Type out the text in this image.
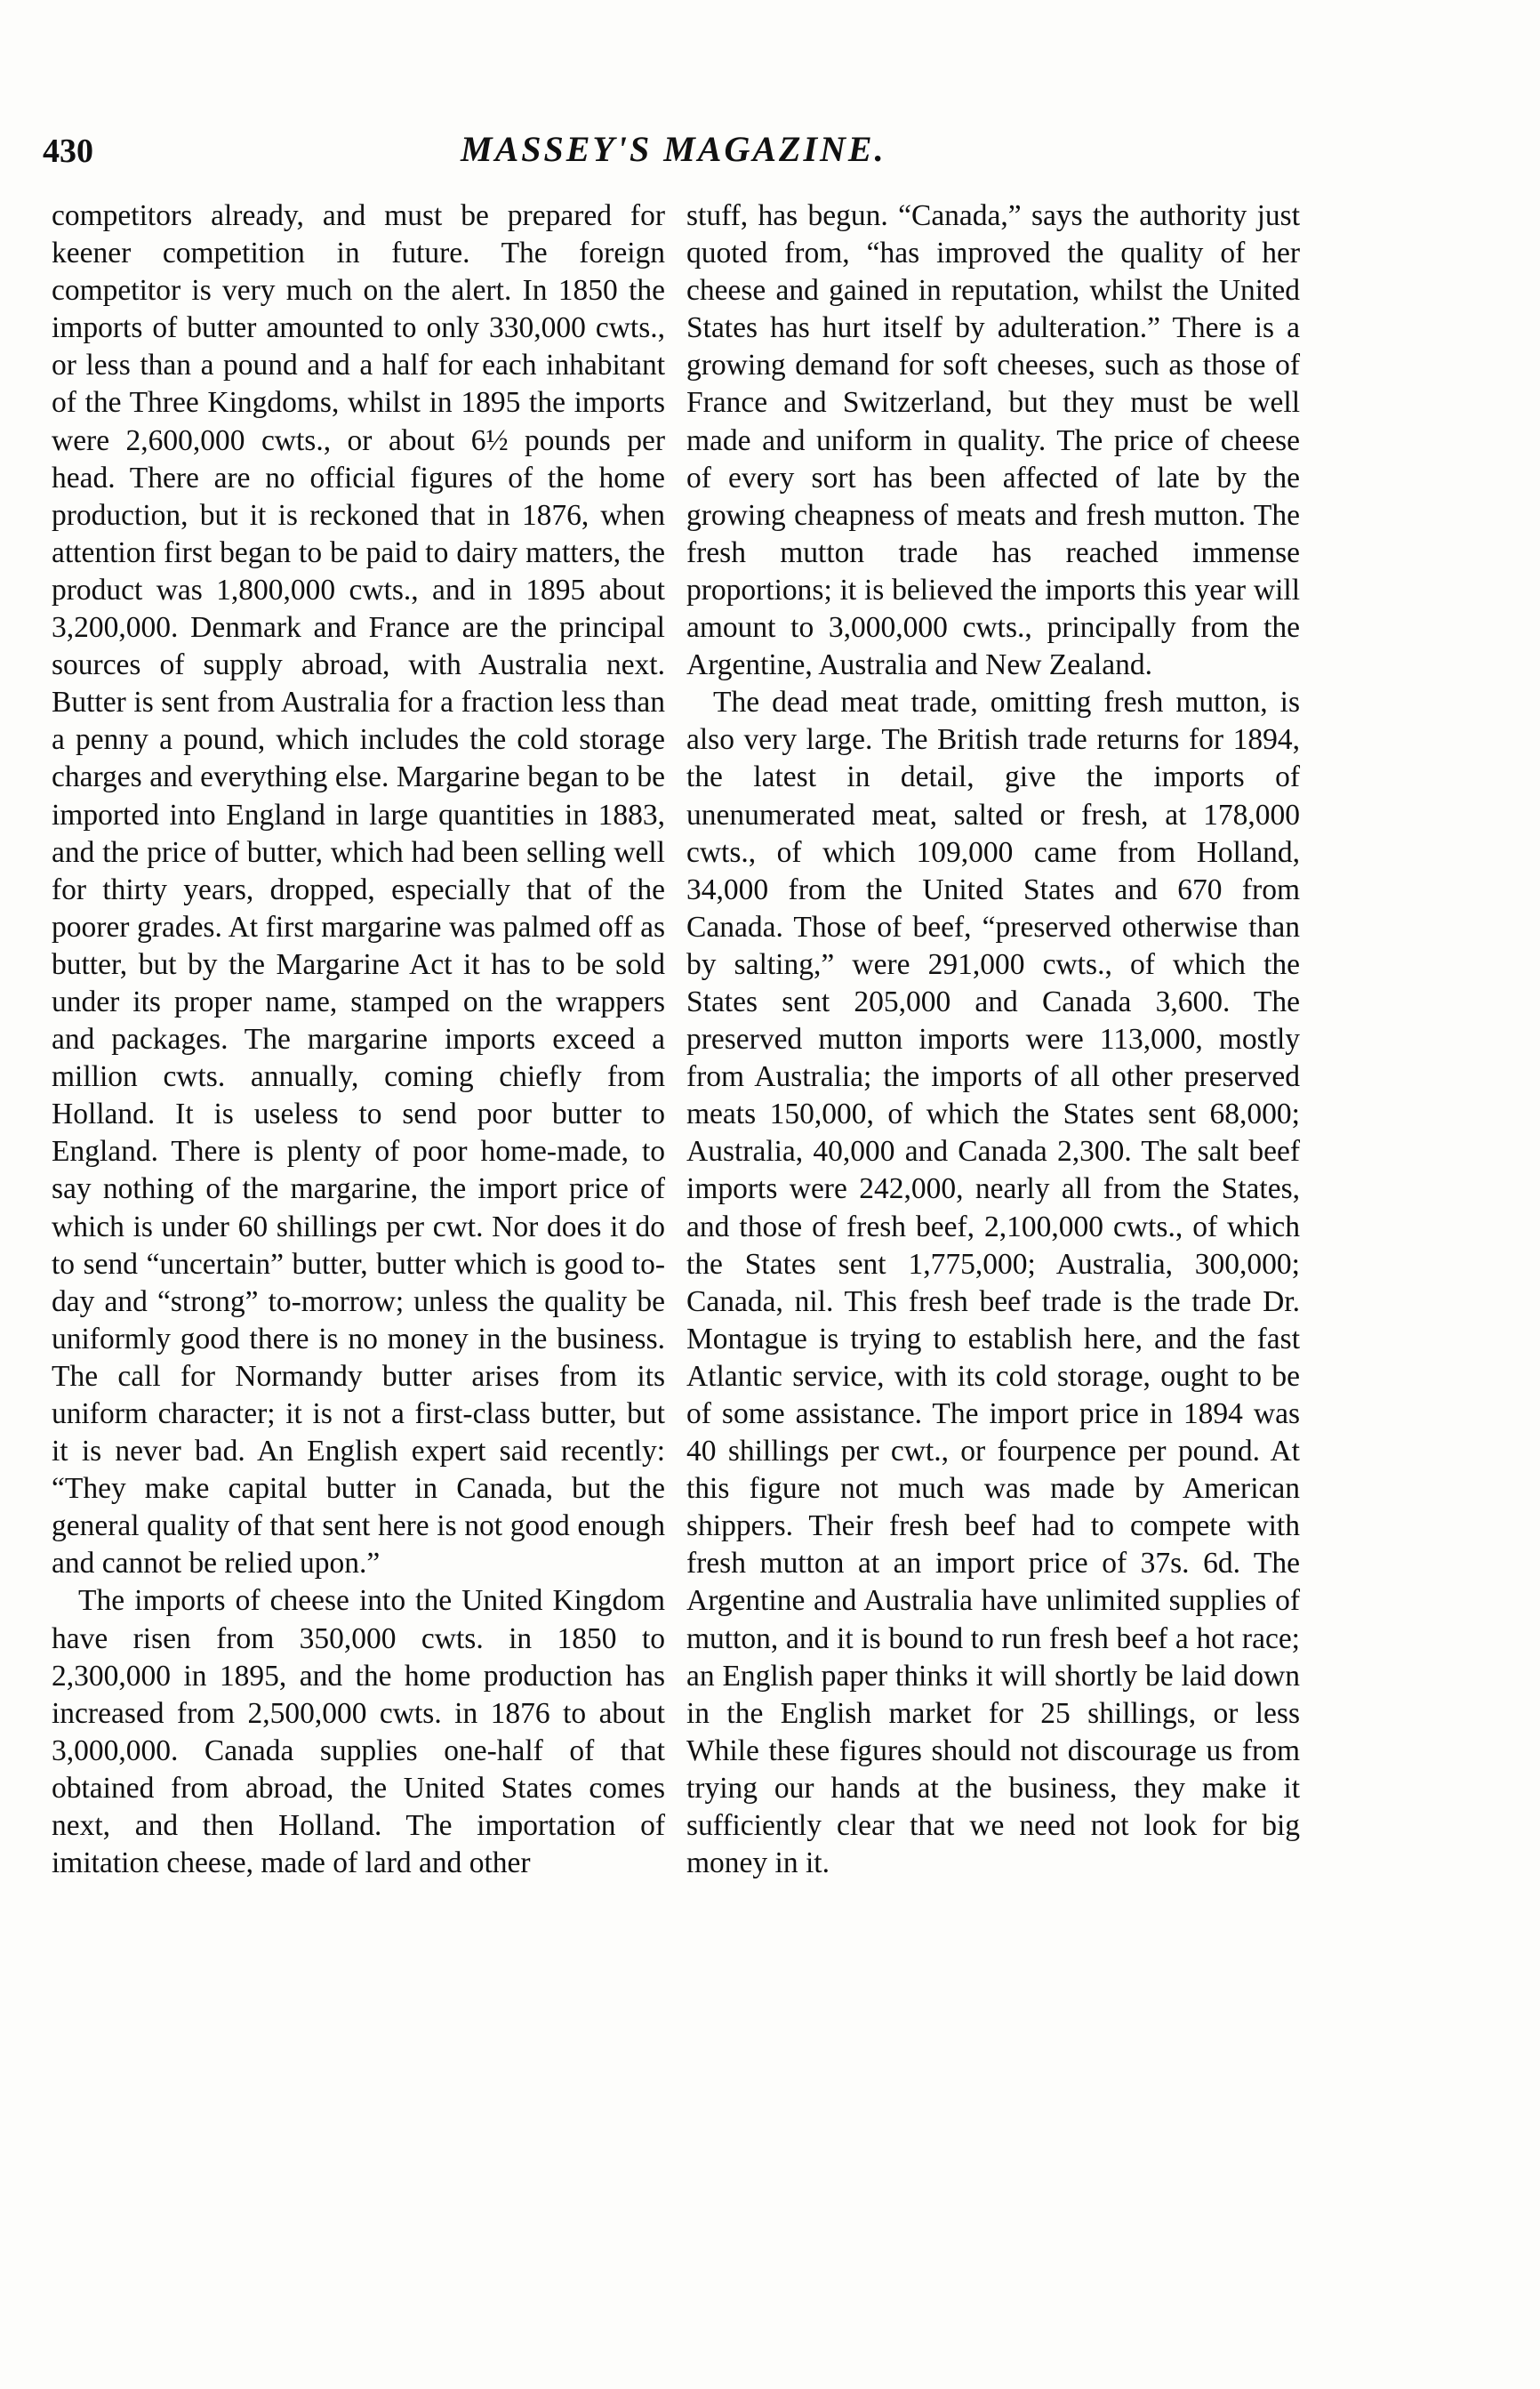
430	MASSEY'S MAGAZINE.

competitors already, and must be prepared for keener competition in future. The foreign competitor is very much on the alert. In 1850 the imports of butter amounted to only 330,000 cwts., or less than a pound and a half for each inhabitant of the Three Kingdoms, whilst in 1895 the imports were 2,600,000 cwts., or about 6½ pounds per head. There are no official figures of the home production, but it is reckoned that in 1876, when attention first began to be paid to dairy matters, the product was 1,800,000 cwts., and in 1895 about 3,200,000. Denmark and France are the principal sources of supply abroad, with Australia next. Butter is sent from Australia for a fraction less than a penny a pound, which includes the cold storage charges and everything else. Margarine began to be imported into England in large quantities in 1883, and the price of butter, which had been selling well for thirty years, dropped, especially that of the poorer grades. At first margarine was palmed off as butter, but by the Margarine Act it has to be sold under its proper name, stamped on the wrappers and packages. The margarine imports exceed a million cwts. annually, coming chiefly from Holland. It is useless to send poor butter to England. There is plenty of poor home-made, to say nothing of the margarine, the import price of which is under 60 shillings per cwt. Nor does it do to send “uncertain” butter, butter which is good to-day and “strong” to-morrow; unless the quality be uniformly good there is no money in the business. The call for Normandy butter arises from its uniform character; it is not a first-class butter, but it is never bad. An English expert said recently: “They make capital butter in Canada, but the general quality of that sent here is not good enough and cannot be relied upon.”

The imports of cheese into the United Kingdom have risen from 350,000 cwts. in 1850 to 2,300,000 in 1895, and the home production has increased from 2,500,000 cwts. in 1876 to about 3,000,000. Canada supplies one-half of that obtained from abroad, the United States comes next, and then Holland. The importation of imitation cheese, made of lard and other

stuff, has begun. “Canada,” says the authority just quoted from, “has improved the quality of her cheese and gained in reputation, whilst the United States has hurt itself by adulteration.” There is a growing demand for soft cheeses, such as those of France and Switzerland, but they must be well made and uniform in quality. The price of cheese of every sort has been affected of late by the growing cheapness of meats and fresh mutton. The fresh mutton trade has reached immense proportions; it is believed the imports this year will amount to 3,000,000 cwts., principally from the Argentine, Australia and New Zealand.

The dead meat trade, omitting fresh mutton, is also very large. The British trade returns for 1894, the latest in detail, give the imports of unenumerated meat, salted or fresh, at 178,000 cwts., of which 109,000 came from Holland, 34,000 from the United States and 670 from Canada. Those of beef, “preserved otherwise than by salting,” were 291,000 cwts., of which the States sent 205,000 and Canada 3,600. The preserved mutton imports were 113,000, mostly from Australia; the imports of all other preserved meats 150,000, of which the States sent 68,000; Australia, 40,000 and Canada 2,300. The salt beef imports were 242,000, nearly all from the States, and those of fresh beef, 2,100,000 cwts., of which the States sent 1,775,000; Australia, 300,000; Canada, nil. This fresh beef trade is the trade Dr. Montague is trying to establish here, and the fast Atlantic service, with its cold storage, ought to be of some assistance. The import price in 1894 was 40 shillings per cwt., or fourpence per pound. At this figure not much was made by American shippers. Their fresh beef had to compete with fresh mutton at an import price of 37s. 6d. The Argentine and Australia have unlimited supplies of mutton, and it is bound to run fresh beef a hot race; an English paper thinks it will shortly be laid down in the English market for 25 shillings, or less While these figures should not discourage us from trying our hands at the business, they make it sufficiently clear that we need not look for big money in it.
